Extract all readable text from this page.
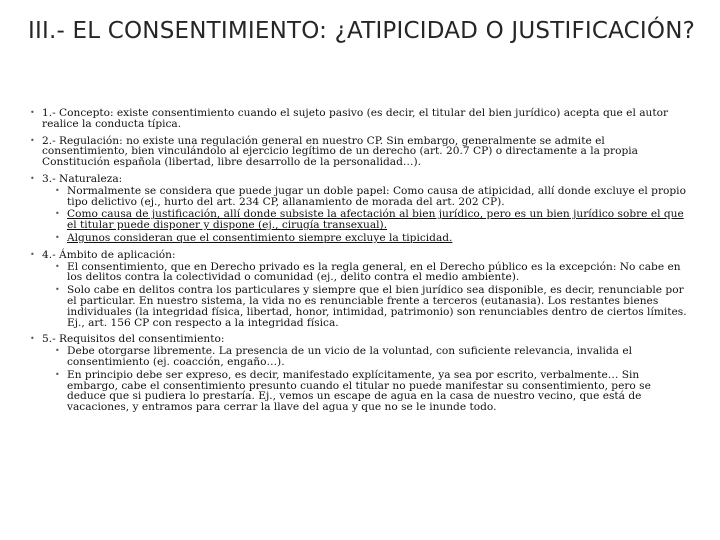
III.- EL CONSENTIMIENTO: ¿ATIPICIDAD O JUSTIFICACIÓN?
• 1.- Concepto: existe consentimiento cuando el sujeto pasivo (es decir, el titular del bien jurídico) acepta que el autor realice la conducta típica.
• 2.- Regulación: no existe una regulación general en nuestro CP. Sin embargo, generalmente se admite el consentimiento, bien vinculándolo al ejercicio legítimo de un derecho (art. 20.7 CP) o directamente a la propia Constitución española (libertad, libre desarrollo de la personalidad…).
• 3.- Naturaleza:
• Normalmente se considera que puede jugar un doble papel: Como causa de atipicidad, allí donde excluye el propio tipo delictivo (ej., hurto del art. 234 CP, allanamiento de morada del art. 202 CP).
• Como causa de justificación, allí donde subsiste la afectación al bien jurídico, pero es un bien jurídico sobre el que el titular puede disponer y dispone (ej., cirugía transexual).
• Algunos consideran que el consentimiento siempre excluye la tipicidad.
• 4.- Ámbito de aplicación:
• El consentimiento, que en Derecho privado es la regla general, en el Derecho público es la excepción: No cabe en los delitos contra la colectividad o comunidad (ej., delito contra el medio ambiente).
• Solo cabe en delitos contra los particulares y siempre que el bien jurídico sea disponible, es decir, renunciable por el particular. En nuestro sistema, la vida no es renunciable frente a terceros (eutanasia). Los restantes bienes individuales (la integridad física, libertad, honor, intimidad, patrimonio) son renunciables dentro de ciertos límites. Ej., art. 156 CP con respecto a la integridad física.
• 5.- Requisitos del consentimiento:
• Debe otorgarse libremente. La presencia de un vicio de la voluntad, con suficiente relevancia, invalida el consentimiento (ej. coacción, engaño…).
• En principio debe ser expreso, es decir, manifestado explícitamente, ya sea por escrito, verbalmente… Sin embargo, cabe el consentimiento presunto cuando el titular no puede manifestar su consentimiento, pero se deduce que si pudiera lo prestaría. Ej., vemos un escape de agua en la casa de nuestro vecino, que está de vacaciones, y entramos para cerrar la llave del agua y que no se le inunde todo.
